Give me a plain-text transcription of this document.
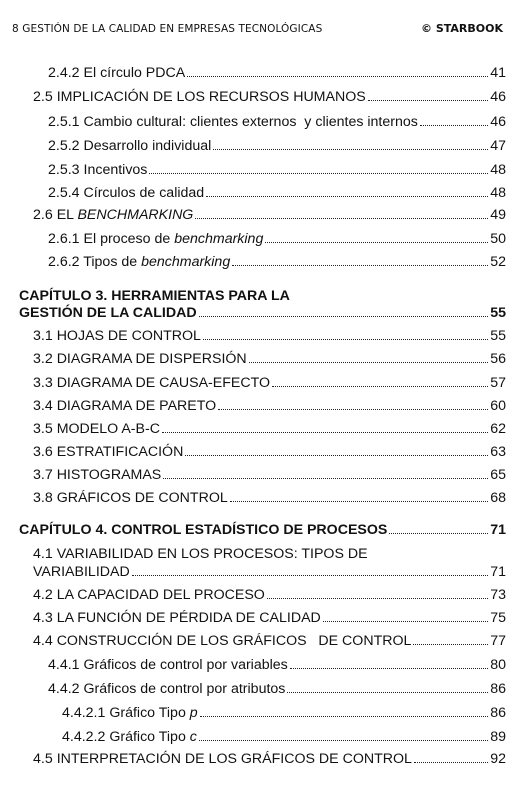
8 GESTIÓN DE LA CALIDAD EN EMPRESAS TECNOLÓGICAS	© STARBOOK
2.4.2 El círculo PDCA	41
2.5 IMPLICACIÓN DE LOS RECURSOS HUMANOS	46
2.5.1 Cambio cultural: clientes externos  y clientes internos	46
2.5.2 Desarrollo individual	47
2.5.3 Incentivos	48
2.5.4 Círculos de calidad	48
2.6 EL BENCHMARKING	49
2.6.1 El proceso de benchmarking	50
2.6.2 Tipos de benchmarking	52
CAPÍTULO 3. HERRAMIENTAS PARA LA
GESTIÓN DE LA CALIDAD	55
3.1 HOJAS DE CONTROL	55
3.2 DIAGRAMA DE DISPERSIÓN	56
3.3 DIAGRAMA DE CAUSA-EFECTO	57
3.4 DIAGRAMA DE PARETO	60
3.5 MODELO A-B-C	62
3.6 ESTRATIFICACIÓN	63
3.7 HISTOGRAMAS	65
3.8 GRÁFICOS DE CONTROL	68
CAPÍTULO 4. CONTROL ESTADÍSTICO DE PROCESOS	71
4.1 VARIABILIDAD EN LOS PROCESOS: TIPOS DE
VARIABILIDAD	71
4.2 LA CAPACIDAD DEL PROCESO	73
4.3 LA FUNCIÓN DE PÉRDIDA DE CALIDAD	75
4.4 CONSTRUCCIÓN DE LOS GRÁFICOS   DE CONTROL	77
4.4.1 Gráficos de control por variables	80
4.4.2 Gráficos de control por atributos	86
4.4.2.1 Gráfico Tipo p	86
4.4.2.2 Gráfico Tipo c	89
4.5 INTERPRETACIÓN DE LOS GRÁFICOS DE CONTROL	92
